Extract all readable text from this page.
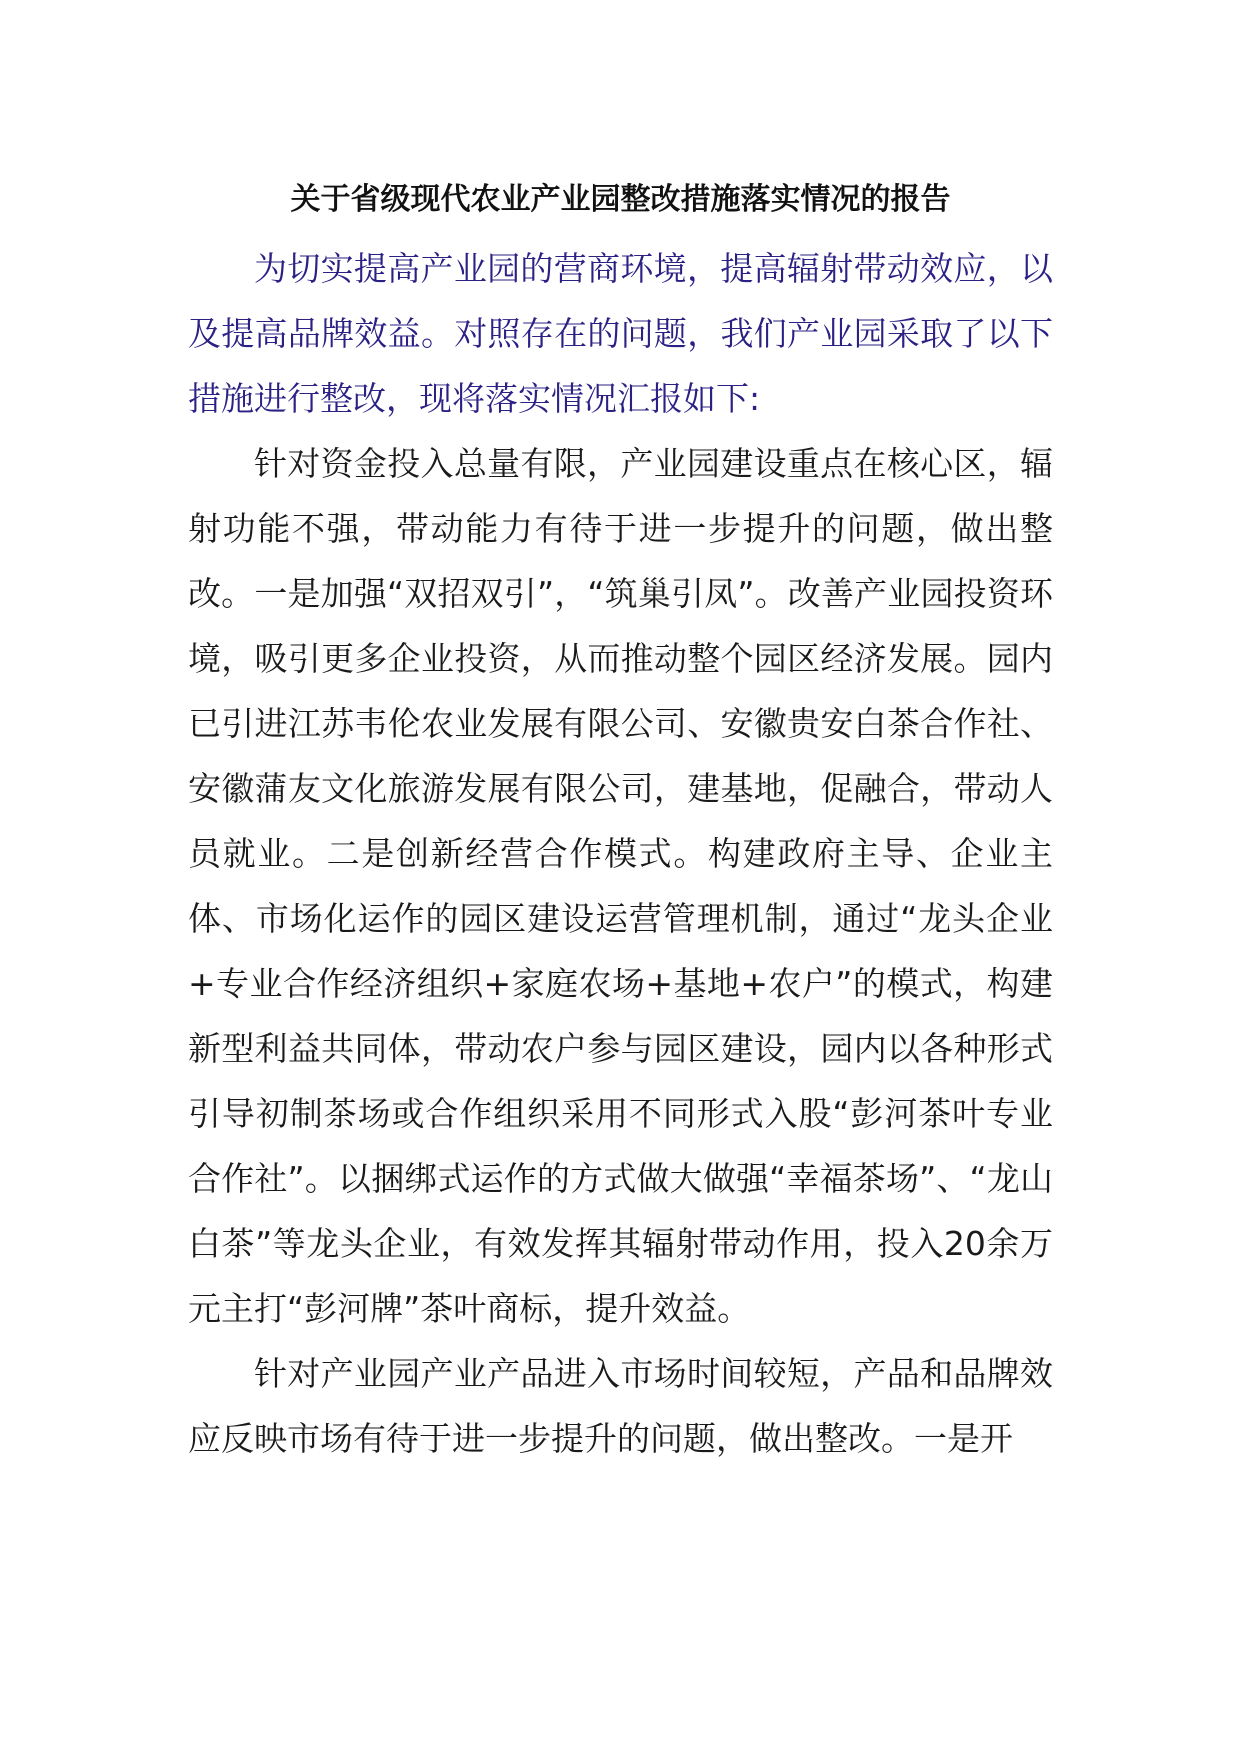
关于省级现代农业产业园整改措施落实情况的报告

为切实提高产业园的营商环境，提高辐射带动效应，以及提高品牌效益。对照存在的问题，我们产业园采取了以下措施进行整改，现将落实情况汇报如下:

针对资金投入总量有限，产业园建设重点在核心区，辐射功能不强，带动能力有待于进一步提升的问题，做出整改。一是加强“双招双引”，“筑巢引凤”。改善产业园投资环境，吸引更多企业投资，从而推动整个园区经济发展。园内已引进江苏韦伦农业发展有限公司、安徽贵安白茶合作社、安徽蒲友文化旅游发展有限公司，建基地，促融合，带动人员就业。二是创新经营合作模式。构建政府主导、企业主体、市场化运作的园区建设运营管理机制，通过“龙头企业+专业合作经济组织+家庭农场+基地+农户”的模式，构建新型利益共同体，带动农户参与园区建设，园内以各种形式引导初制茶场或合作组织采用不同形式入股“彭河茶叶专业合作社”。以捆绑式运作的方式做大做强“幸福茶场”、“龙山白茶”等龙头企业，有效发挥其辐射带动作用，投入20余万元主打“彭河牌”茶叶商标，提升效益。

针对产业园产业产品进入市场时间较短，产品和品牌效应反映市场有待于进一步提升的问题，做出整改。一是开
